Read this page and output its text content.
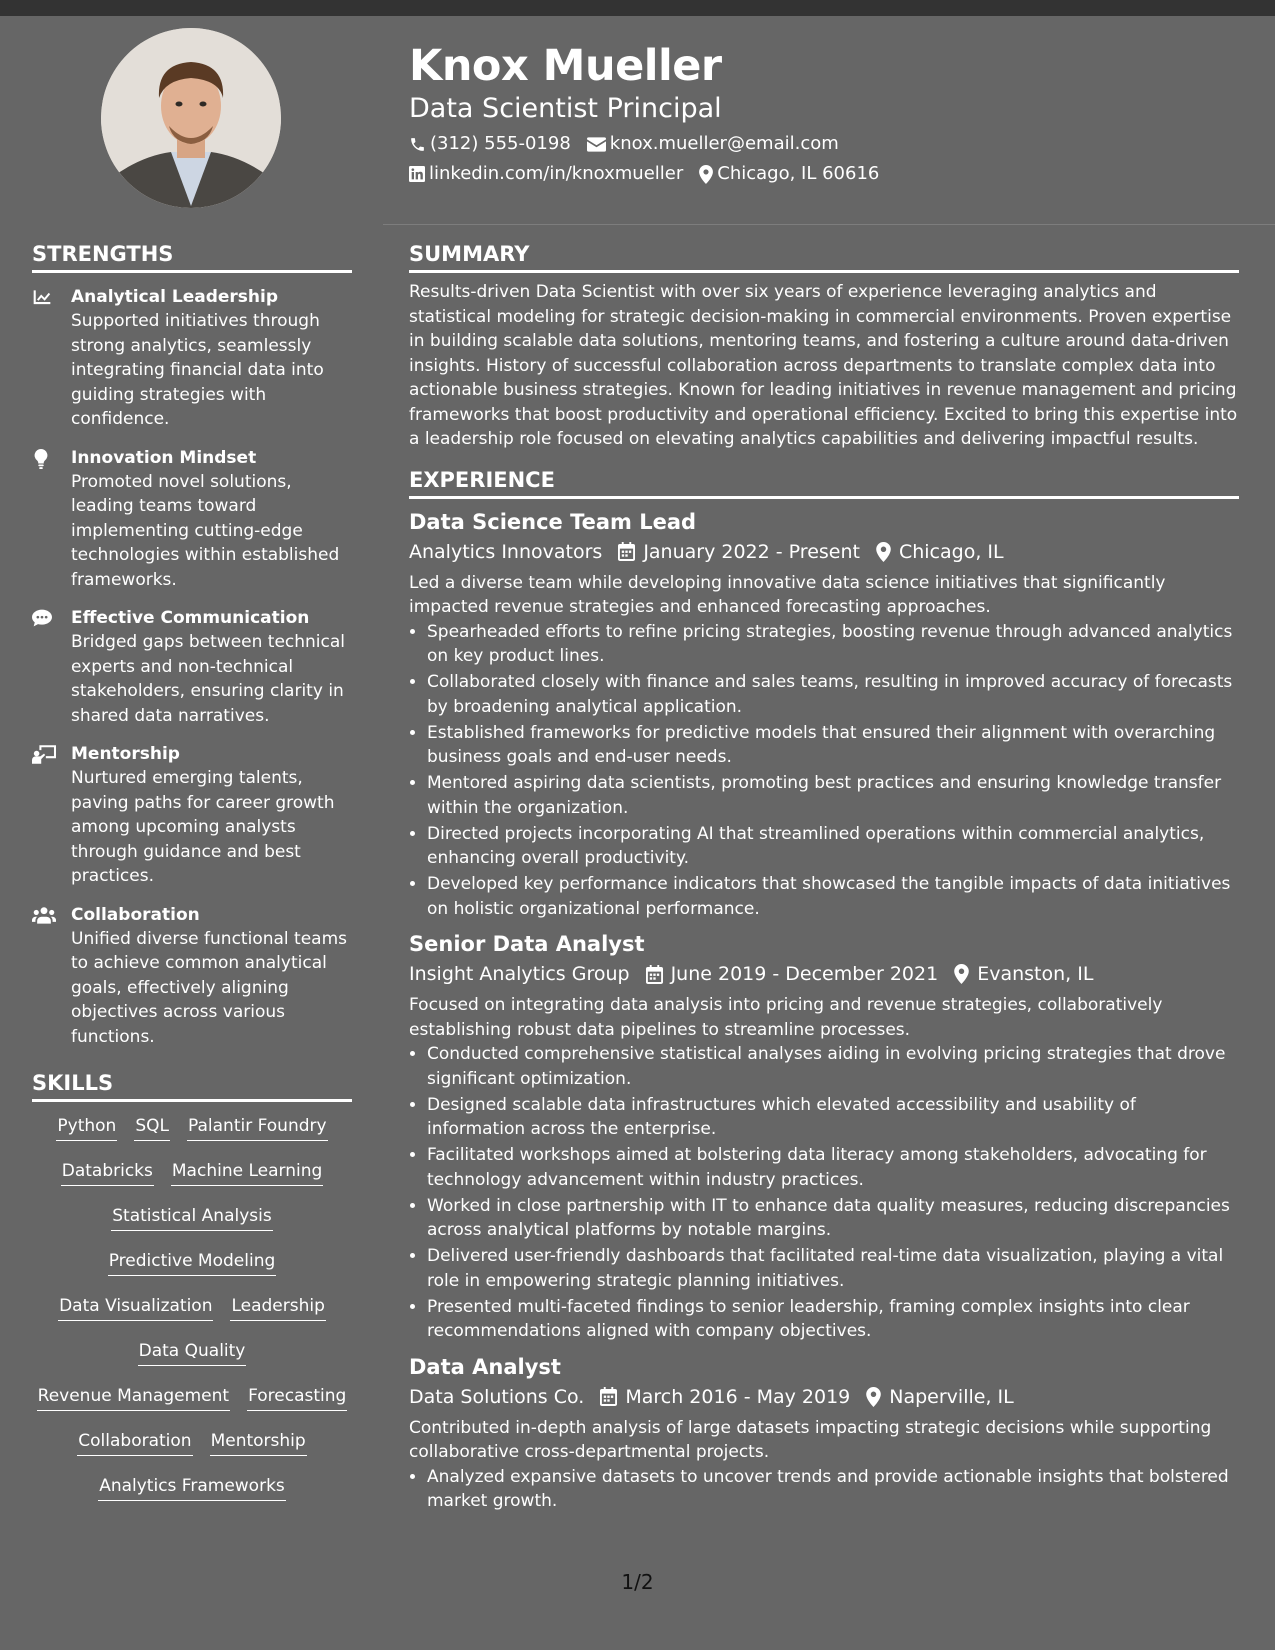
Knox Mueller
Data Scientist Principal
(312) 555-0198 knox.mueller@email.com
linkedin.com/in/knoxmueller Chicago, IL 60616
STRENGTHS
Analytical Leadership
Supported initiatives through strong analytics, seamlessly integrating financial data into guiding strategies with confidence.
Innovation Mindset
Promoted novel solutions, leading teams toward implementing cutting-edge technologies within established frameworks.
Effective Communication
Bridged gaps between technical experts and non-technical stakeholders, ensuring clarity in shared data narratives.
Mentorship
Nurtured emerging talents, paving paths for career growth among upcoming analysts through guidance and best practices.
Collaboration
Unified diverse functional teams to achieve common analytical goals, effectively aligning objectives across various functions.
SKILLS
Python SQL Palantir Foundry
Databricks Machine Learning
Statistical Analysis
Predictive Modeling
Data Visualization Leadership
Data Quality
Revenue Management Forecasting
Collaboration Mentorship
Analytics Frameworks
SUMMARY
Results-driven Data Scientist with over six years of experience leveraging analytics and statistical modeling for strategic decision-making in commercial environments. Proven expertise in building scalable data solutions, mentoring teams, and fostering a culture around data-driven insights. History of successful collaboration across departments to translate complex data into actionable business strategies. Known for leading initiatives in revenue management and pricing frameworks that boost productivity and operational efficiency. Excited to bring this expertise into a leadership role focused on elevating analytics capabilities and delivering impactful results.
EXPERIENCE
Data Science Team Lead
Analytics Innovators January 2022 - Present Chicago, IL
Led a diverse team while developing innovative data science initiatives that significantly impacted revenue strategies and enhanced forecasting approaches.
• Spearheaded efforts to refine pricing strategies, boosting revenue through advanced analytics on key product lines.
• Collaborated closely with finance and sales teams, resulting in improved accuracy of forecasts by broadening analytical application.
• Established frameworks for predictive models that ensured their alignment with overarching business goals and end-user needs.
• Mentored aspiring data scientists, promoting best practices and ensuring knowledge transfer within the organization.
• Directed projects incorporating AI that streamlined operations within commercial analytics, enhancing overall productivity.
• Developed key performance indicators that showcased the tangible impacts of data initiatives on holistic organizational performance.
Senior Data Analyst
Insight Analytics Group June 2019 - December 2021 Evanston, IL
Focused on integrating data analysis into pricing and revenue strategies, collaboratively establishing robust data pipelines to streamline processes.
• Conducted comprehensive statistical analyses aiding in evolving pricing strategies that drove significant optimization.
• Designed scalable data infrastructures which elevated accessibility and usability of information across the enterprise.
• Facilitated workshops aimed at bolstering data literacy among stakeholders, advocating for technology advancement within industry practices.
• Worked in close partnership with IT to enhance data quality measures, reducing discrepancies across analytical platforms by notable margins.
• Delivered user-friendly dashboards that facilitated real-time data visualization, playing a vital role in empowering strategic planning initiatives.
• Presented multi-faceted findings to senior leadership, framing complex insights into clear recommendations aligned with company objectives.
Data Analyst
Data Solutions Co. March 2016 - May 2019 Naperville, IL
Contributed in-depth analysis of large datasets impacting strategic decisions while supporting collaborative cross-departmental projects.
• Analyzed expansive datasets to uncover trends and provide actionable insights that bolstered market growth.
1/2
